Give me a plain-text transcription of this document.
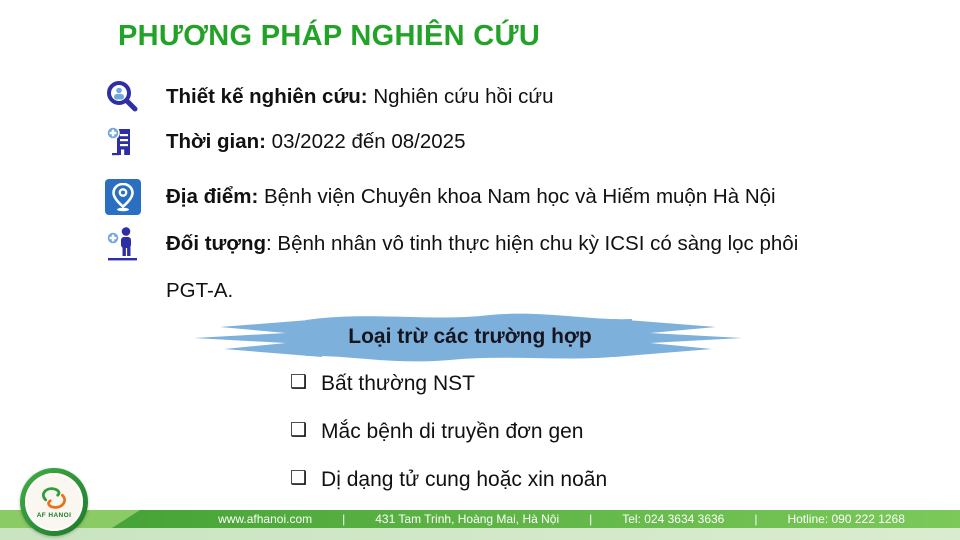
PHƯƠNG PHÁP NGHIÊN CỨU
Thiết kế nghiên cứu: Nghiên cứu hồi cứu
Thời gian: 03/2022 đến 08/2025
Địa điểm: Bệnh viện Chuyên khoa Nam học và Hiếm muộn Hà Nội
Đối tượng: Bệnh nhân vô tinh thực hiện chu kỳ ICSI có sàng lọc phôi PGT-A.
Loại trừ các trường hợp
❑ Bất thường NST
❑ Mắc bệnh di truyền đơn gen
❑ Dị dạng tử cung hoặc xin noãn
www.afhanoi.com	|	431 Tam Trinh, Hoàng Mai, Hà Nội	|	Tel: 024 3634 3636	|	Hotline: 090 222 1268
AF HANOI
